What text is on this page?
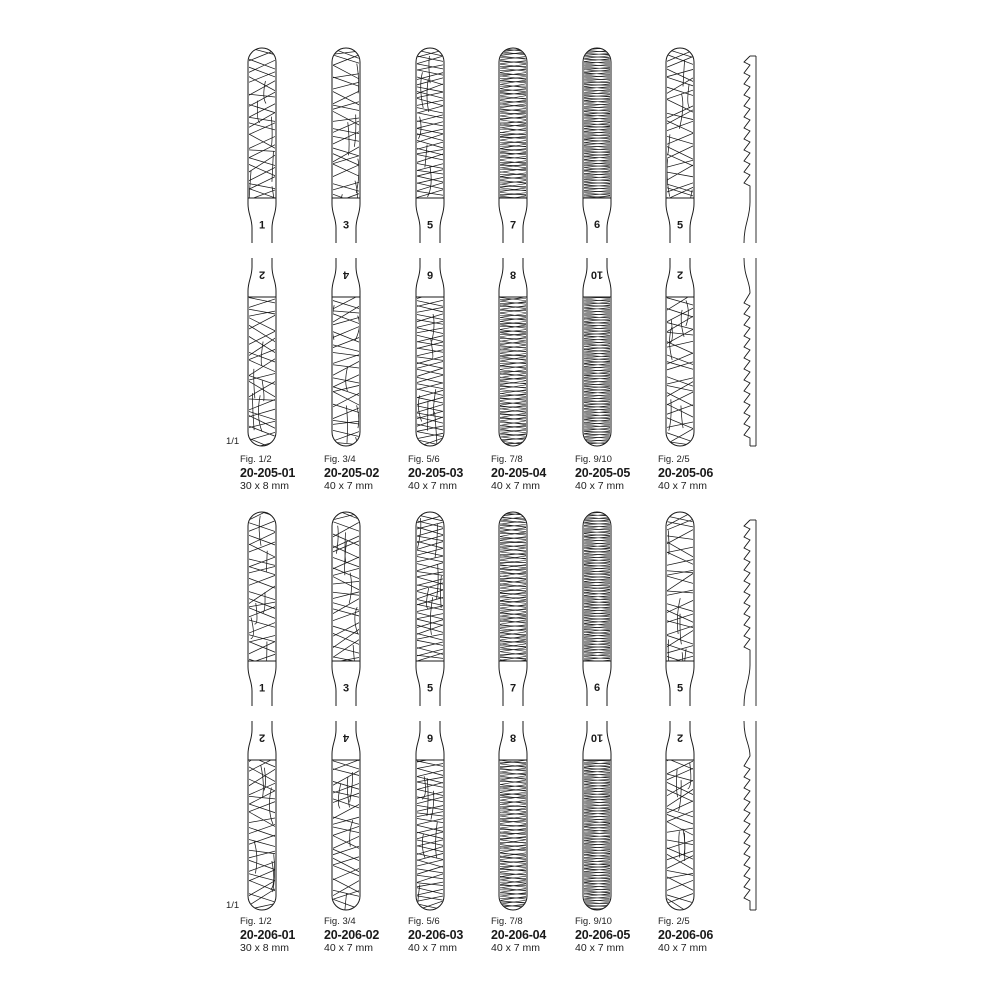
1
2
3
4
5
6
7
8
9
10
5
2
1
2
3
4
5
6
7
8
9
10
5
2
Fig. 1/2
20-205-01
30 x 8 mm
Fig. 3/4
20-205-02
40 x 7 mm
Fig. 5/6
20-205-03
40 x 7 mm
Fig. 7/8
20-205-04
40 x 7 mm
Fig. 9/10
20-205-05
40 x 7 mm
Fig. 2/5
20-205-06
40 x 7 mm
1/1
Fig. 1/2
20-206-01
30 x 8 mm
Fig. 3/4
20-206-02
40 x 7 mm
Fig. 5/6
20-206-03
40 x 7 mm
Fig. 7/8
20-206-04
40 x 7 mm
Fig. 9/10
20-206-05
40 x 7 mm
Fig. 2/5
20-206-06
40 x 7 mm
1/1
